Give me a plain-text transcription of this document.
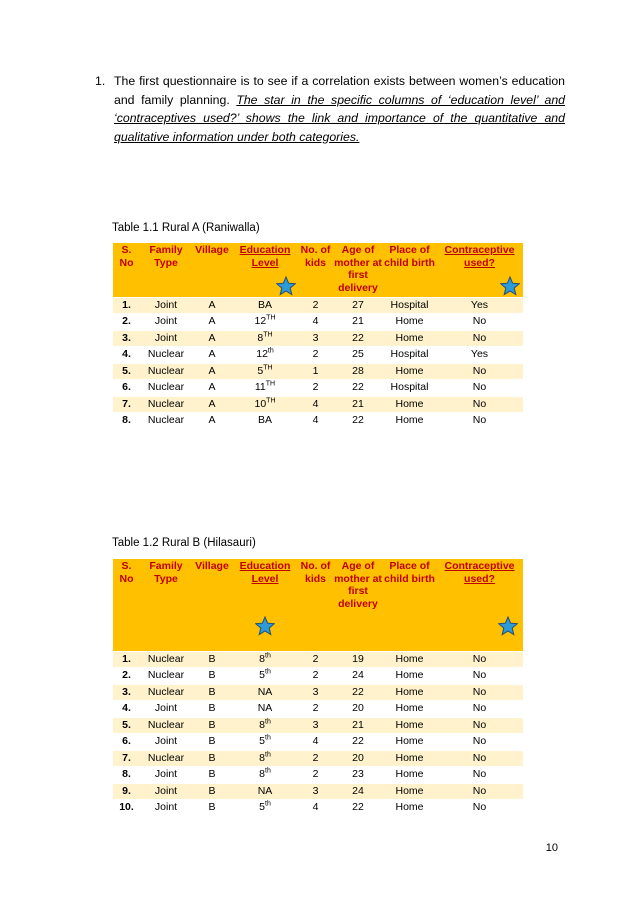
1. The first questionnaire is to see if a correlation exists between women’s education and family planning. The star in the specific columns of ‘education level’ and ‘contraceptives used?’ shows the link and importance of the quantitative and qualitative information under both categories.
Table 1.1 Rural A (Raniwalla)
S. No	Family Type	Village	Education Level	No. of kids	Age of mother at first delivery	Place of child birth	Contraceptive used?

1.	Joint	A	BA	2	27	Hospital	Yes
2.	Joint	A	12TH	4	21	Home	No
3.	Joint	A	8TH	3	22	Home	No
4.	Nuclear	A	12th	2	25	Hospital	Yes
5.	Nuclear	A	5TH	1	28	Home	No
6.	Nuclear	A	11TH	2	22	Hospital	No
7.	Nuclear	A	10TH	4	21	Home	No
8.	Nuclear	A	BA	4	22	Home	No
Table 1.2 Rural B (Hilasauri)
S. No	Family Type	Village	Education Level	No. of kids	Age of mother at first delivery	Place of child birth	Contraceptive used?

1.	Nuclear	B	8th	2	19	Home	No
2.	Nuclear	B	5th	2	24	Home	No
3.	Nuclear	B	NA	3	22	Home	No
4.	Joint	B	NA	2	20	Home	No
5.	Nuclear	B	8th	3	21	Home	No
6.	Joint	B	5th	4	22	Home	No
7.	Nuclear	B	8th	2	20	Home	No
8.	Joint	B	8th	2	23	Home	No
9.	Joint	B	NA	3	24	Home	No
10.	Joint	B	5th	4	22	Home	No
10
